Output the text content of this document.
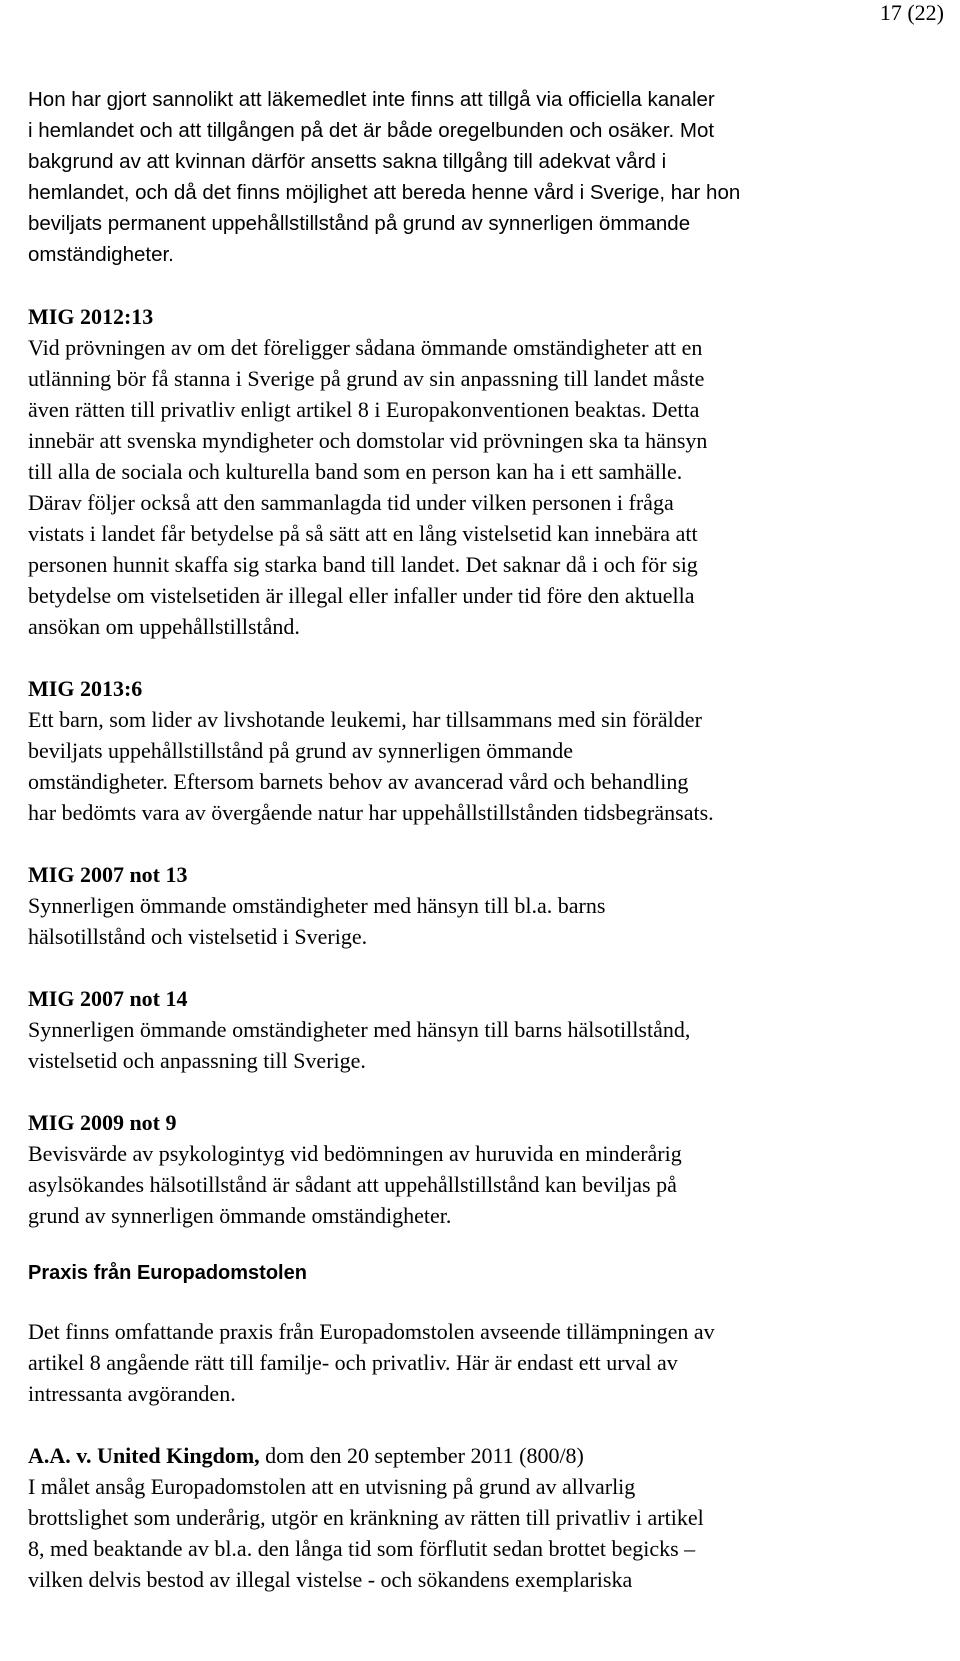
17 (22)

Hon har gjort sannolikt att läkemedlet inte finns att tillgå via officiella kanaler

i hemlandet och att tillgången på det är både oregelbunden och osäker. Mot

bakgrund av att kvinnan därför ansetts sakna tillgång till adekvat vård i

hemlandet, och då det finns möjlighet att bereda henne vård i Sverige, har hon

beviljats permanent uppehållstillstånd på grund av synnerligen ömmande

omständigheter.

MIG 2012:13

Vid prövningen av om det föreligger sådana ömmande omständigheter att en

utlänning bör få stanna i Sverige på grund av sin anpassning till landet måste

även rätten till privatliv enligt artikel 8 i Europakonventionen beaktas. Detta

innebär att svenska myndigheter och domstolar vid prövningen ska ta hänsyn

till alla de sociala och kulturella band som en person kan ha i ett samhälle.

Därav följer också att den sammanlagda tid under vilken personen i fråga

vistats i landet får betydelse på så sätt att en lång vistelsetid kan innebära att

personen hunnit skaffa sig starka band till landet. Det saknar då i och för sig

betydelse om vistelsetiden är illegal eller infaller under tid före den aktuella

ansökan om uppehållstillstånd.

MIG 2013:6

Ett barn, som lider av livshotande leukemi, har tillsammans med sin förälder

beviljats uppehållstillstånd på grund av synnerligen ömmande

omständigheter. Eftersom barnets behov av avancerad vård och behandling

har bedömts vara av övergående natur har uppehållstillstånden tidsbegränsats.

MIG 2007 not 13

Synnerligen ömmande omständigheter med hänsyn till bl.a. barns

hälsotillstånd och vistelsetid i Sverige.

MIG 2007 not 14

Synnerligen ömmande omständigheter med hänsyn till barns hälsotillstånd,

vistelsetid och anpassning till Sverige.

MIG 2009 not 9

Bevisvärde av psykologintyg vid bedömningen av huruvida en minderårig

asylsökandes hälsotillstånd är sådant att uppehållstillstånd kan beviljas på

grund av synnerligen ömmande omständigheter.

Praxis från Europadomstolen

Det finns omfattande praxis från Europadomstolen avseende tillämpningen av

artikel 8 angående rätt till familje- och privatliv. Här är endast ett urval av

intressanta avgöranden.

A.A. v. United Kingdom, dom den 20 september 2011 (800/8)

I målet ansåg Europadomstolen att en utvisning på grund av allvarlig

brottslighet som underårig, utgör en kränkning av rätten till privatliv i artikel

8, med beaktande av bl.a. den långa tid som förflutit sedan brottet begicks –

vilken delvis bestod av illegal vistelse - och sökandens exemplariska
